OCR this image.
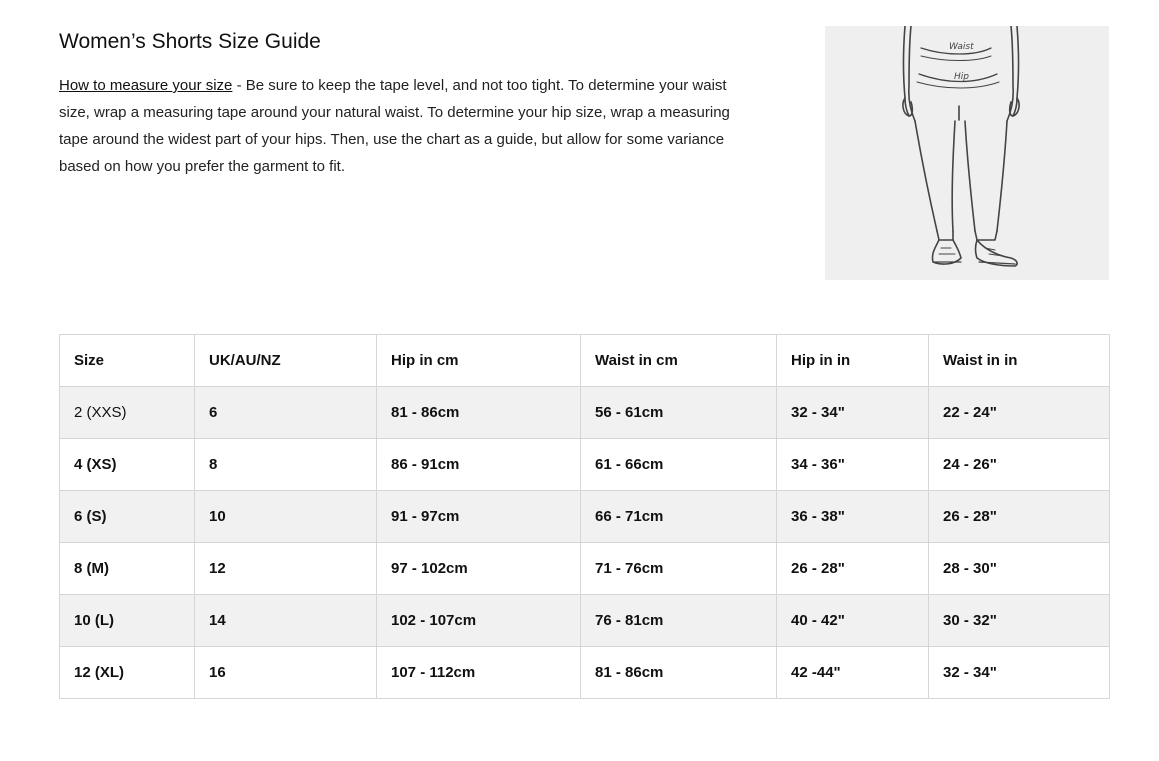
Women’s Shorts Size Guide

How to measure your size - Be sure to keep the tape level, and not too tight. To determine your waist size, wrap a measuring tape around your natural waist. To determine your hip size, wrap a measuring tape around the widest part of your hips. Then, use the chart as a guide, but allow for some variance based on how you prefer the garment to fit.

Waist
Hip
Size	UK/AU/NZ	Hip in cm	Waist in cm	Hip in in	Waist in in
2 (XXS)	6	81 - 86cm	56 - 61cm	32 - 34"	22 - 24"
4 (XS)	8	86 - 91cm	61 - 66cm	34 - 36"	24 - 26"
6 (S)	10	91 - 97cm	66 - 71cm	36 - 38"	26 - 28"
8 (M)	12	97 - 102cm	71 - 76cm	26 - 28"	28 - 30"
10 (L)	14	102 - 107cm	76 - 81cm	40 - 42"	30 - 32"
12 (XL)	16	107 - 112cm	81 - 86cm	42 -44"	32 - 34"
